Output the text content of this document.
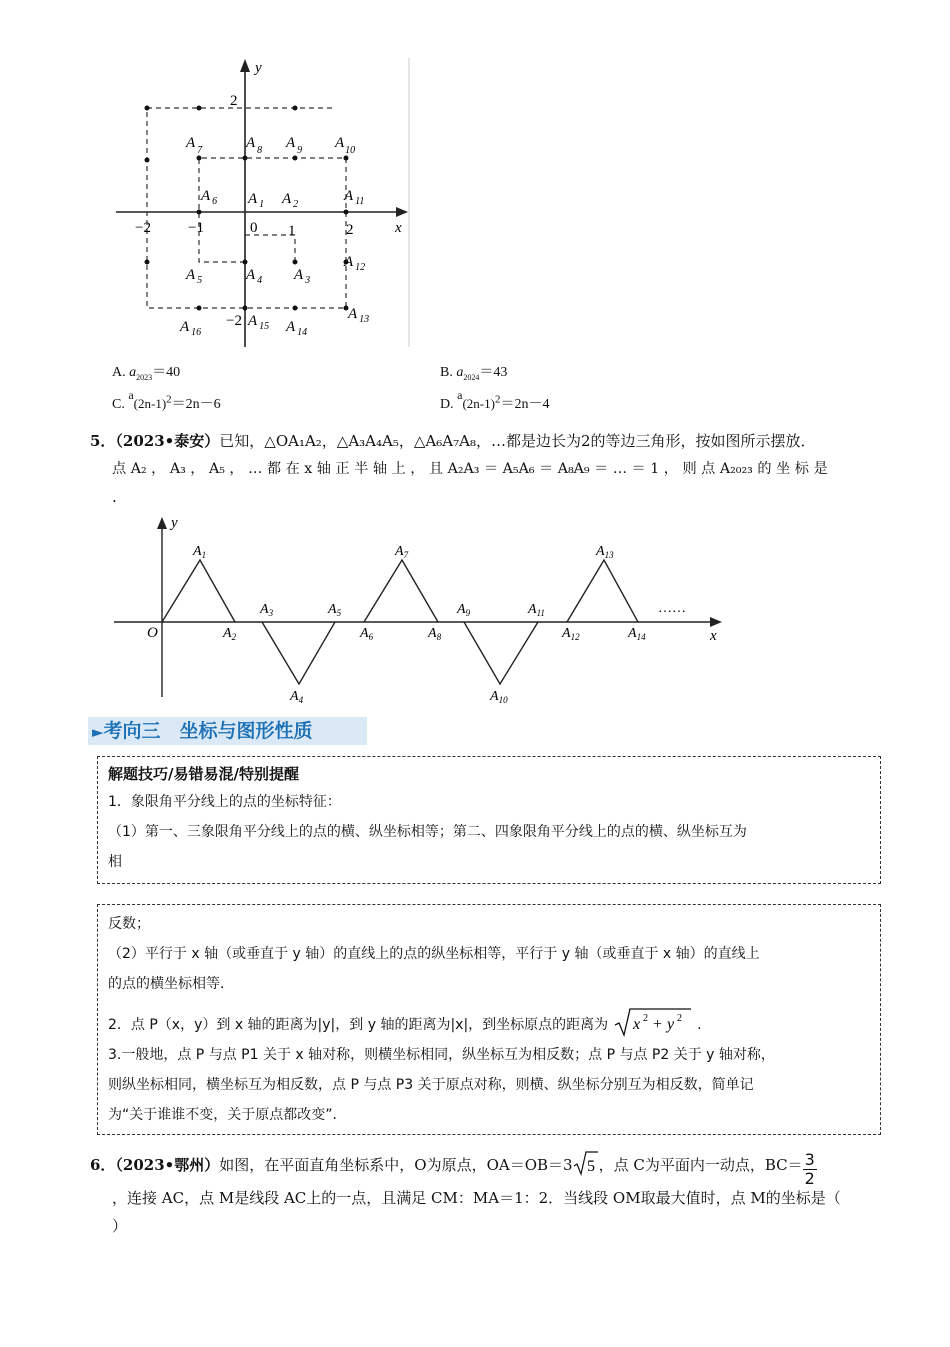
y
x
−2 −1	0 1	2
2
−2
A $_1$ A $_2$
A $_3$
A $_4$
A $_5$
A $_6$
A $_7$	A $_8$ A $_9$ $A_{10}$
A $_{11}$
A $_{12}$
A $_{13}$
A $_{14}$
A $_{15}$
A $_{16}$
A. $a_{2023}=40$	B. $a_{2024}=43$
C. $a(2n-1)^2=2n-6$	D. $a(2n-1)^2=2n-4$
5．（2023•泰安）已知，△OA₁A₂，△A₃A₄A₅，△A₆A₇A₈，…都是边长为2的等边三角形，按如图所示摆放．
点 A₂ ， A₃ ， A₅ ， … 都 在 x 轴 正 半 轴 上 ， 且 A₂A₃ ＝ A₅A₆ ＝ A₈A₉ ＝ … ＝ 1 ， 则 点 A₂₀₂₃ 的 坐 标 是
.
y
x
O
……
$A_1$
$A_2$
$A_3$
$A_4$
$A_5$
$A_6$
$A_7$
$A_8$
$A_9$
$A_{10}$
$A_{11}$
$A_{12}$
$A_{13}$
$A_{14}$
►考向三　坐标与图形性质

解题技巧/易错易混/特别提醒

1．象限角平分线上的点的坐标特征：

（1）第一、三象限角平分线上的点的横、纵坐标相等；第二、四象限角平分线上的点的横、纵坐标互为

相

反数；

（2）平行于 x 轴（或垂直于 y 轴）的直线上的点的纵坐标相等，平行于 y 轴（或垂直于 x 轴）的直线上

的点的横坐标相等．

2．点 P（x，y）到 x 轴的距离为|y|，到 y 轴的距离为|x|，到坐标原点的距离为 x 2 + y 2 .

3.一般地，点 P 与点 P1 关于 x 轴对称，则横坐标相同，纵坐标互为相反数；点 P 与点 P2 关于 y 轴对称，

则纵坐标相同，横坐标互为相反数，点 P 与点 P3 关于原点对称，则横、纵坐标分别互为相反数，简单记

为“关于谁谁不变，关于原点都改变”．

6．（2023•鄂州）如图，在平面直角坐标系中，O为原点，OA＝OB＝3 5 ，点 C为平面内一动点，$BC= \frac{3}{2}$
，连接 AC，点 M是线段 AC上的一点，且满足 CM：MA＝1：2．当线段 OM取最大值时，点 M的坐标是（
）
